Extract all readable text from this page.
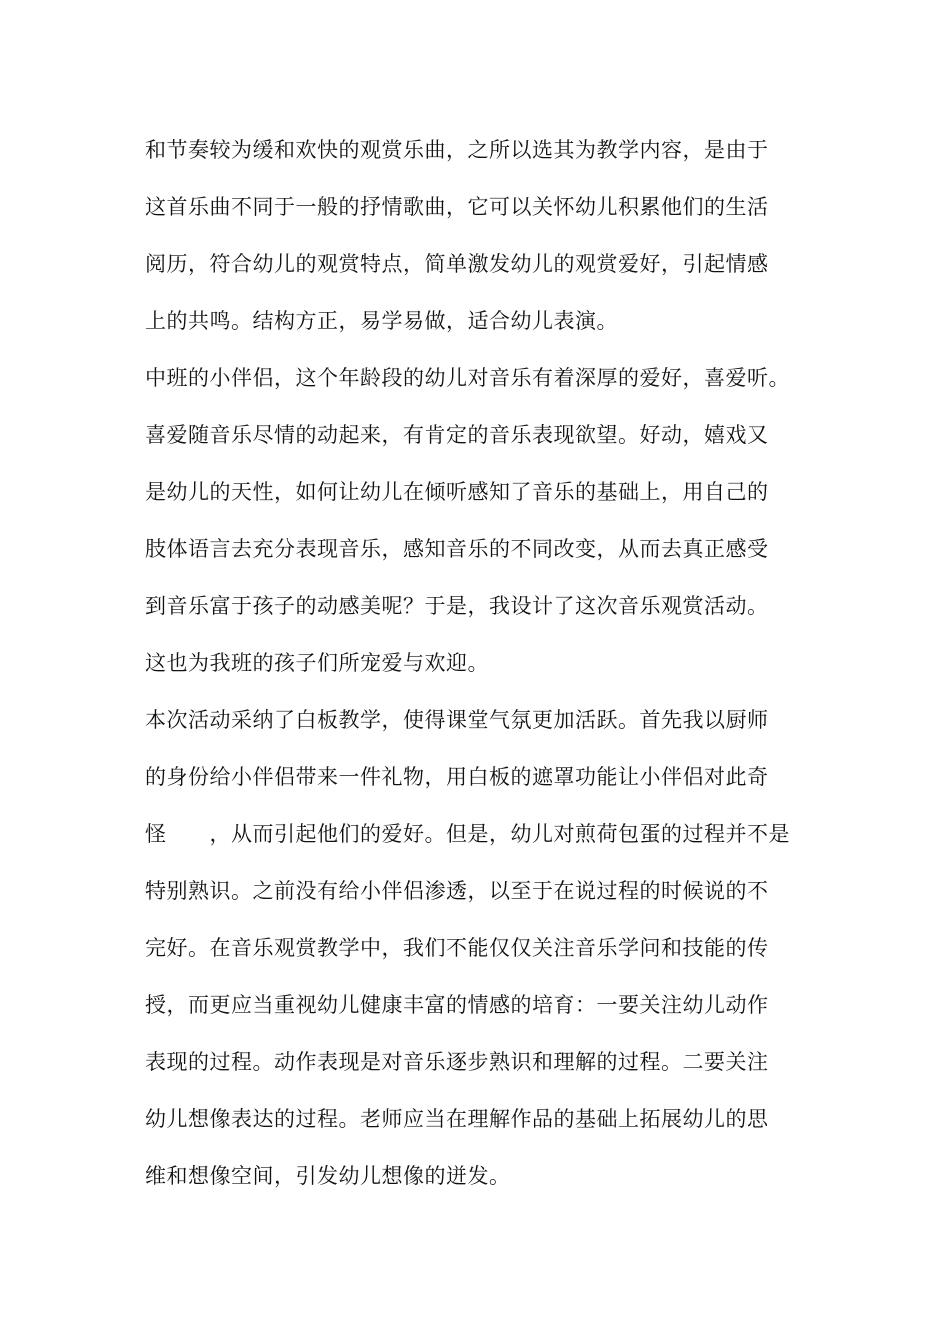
和节奏较为缓和欢快的观赏乐曲，之所以选其为教学内容，是由于
这首乐曲不同于一般的抒情歌曲，它可以关怀幼儿积累他们的生活
阅历，符合幼儿的观赏特点，简单激发幼儿的观赏爱好，引起情感
上的共鸣。结构方正，易学易做，适合幼儿表演。
中班的小伴侣，这个年龄段的幼儿对音乐有着深厚的爱好，喜爱听。
喜爱随音乐尽情的动起来，有肯定的音乐表现欲望。好动，嬉戏又
是幼儿的天性，如何让幼儿在倾听感知了音乐的基础上，用自己的
肢体语言去充分表现音乐，感知音乐的不同改变，从而去真正感受
到音乐富于孩子的动感美呢？于是，我设计了这次音乐观赏活动。
这也为我班的孩子们所宠爱与欢迎。
本次活动采纳了白板教学，使得课堂气氛更加活跃。首先我以厨师
的身份给小伴侣带来一件礼物，用白板的遮罩功能让小伴侣对此奇
怪　　，从而引起他们的爱好。但是，幼儿对煎荷包蛋的过程并不是
特别熟识。之前没有给小伴侣渗透，以至于在说过程的时候说的不
完好。在音乐观赏教学中，我们不能仅仅关注音乐学问和技能的传
授，而更应当重视幼儿健康丰富的情感的培育：一要关注幼儿动作
表现的过程。动作表现是对音乐逐步熟识和理解的过程。二要关注
幼儿想像表达的过程。老师应当在理解作品的基础上拓展幼儿的思
维和想像空间，引发幼儿想像的迸发。
